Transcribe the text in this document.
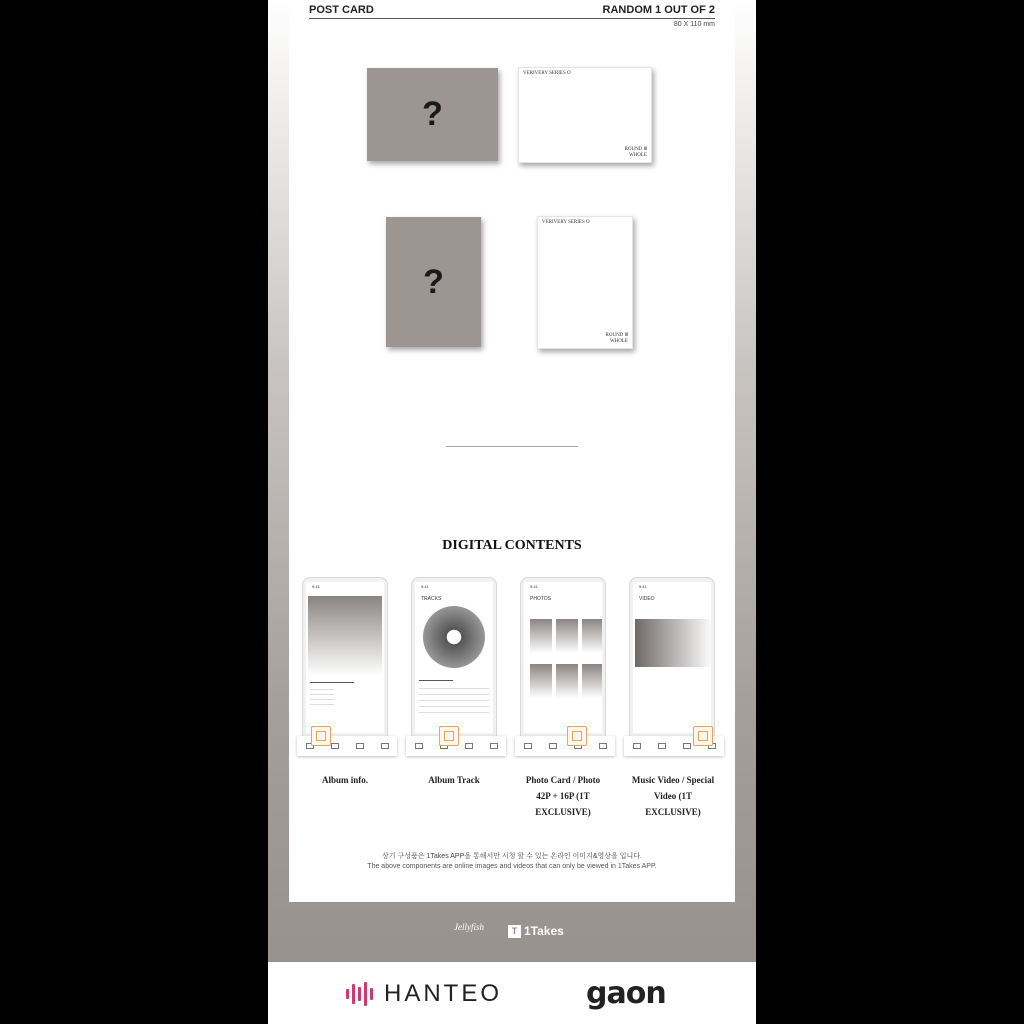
POST CARD	RANDOM 1 OUT OF 2
80 X 110 mm
?
VERIVERY SERIES O
ROUND Ⅲ WHOLE
?
VERIVERY SERIES O
ROUND Ⅲ WHOLE
DIGITAL CONTENTS
9:41	9:41
TRACKS
9:41
PHOTOS
9:41
VIDEO
Album info.	Album Track	Photo Card / Photo 42P + 16P (1T EXCLUSIVE)
Music Video / Special Video (1T EXCLUSIVE)
상기 구성품은 1Takes APP을 통해서만 시청 할 수 있는 온라인 이미지&영상을 입니다.
The above components are online images and videos that can only be viewed in 1Takes APP.
Jellyfish	T 1Takes
HANTEO	gaon
